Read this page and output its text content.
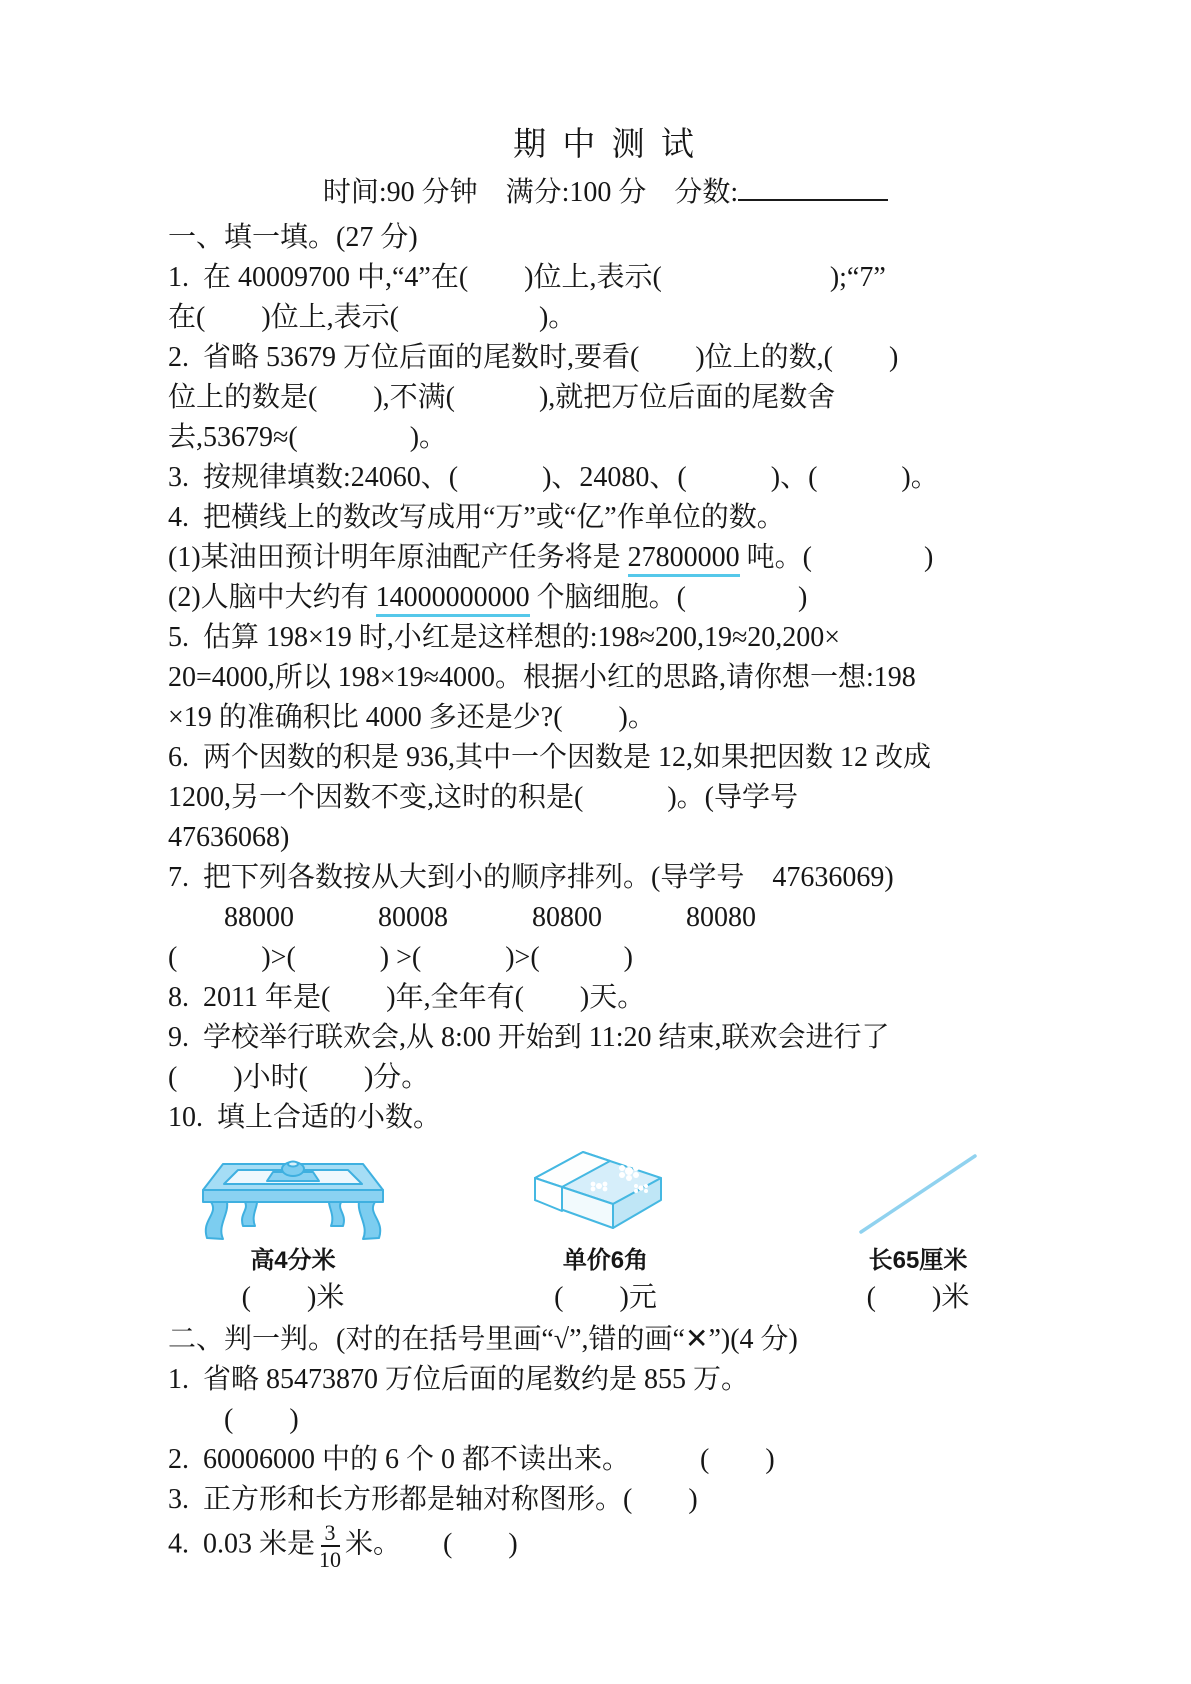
期 中 测 试
时间:90 分钟　满分:100 分　分数:
一、填一填。(27 分)
1.  在 40009700 中,“4”在(　　)位上,表示(　　　　　　);“7”
在(　　)位上,表示(　　　　　)。
2.  省略 53679 万位后面的尾数时,要看(　　)位上的数,(　　)
位上的数是(　　),不满(　　　),就把万位后面的尾数舍
去,53679≈(　　　　)。
3.  按规律填数:24060、(　　　)、24080、(　　　)、(　　　)。
4.  把横线上的数改写成用“万”或“亿”作单位的数。
(1)某油田预计明年原油配产任务将是 27800000 吨。(　　　　)
(2)人脑中大约有 14000000000 个脑细胞。(　　　　)
5.  估算 198×19 时,小红是这样想的:198≈200,19≈20,200×
20=4000,所以 198×19≈4000。根据小红的思路,请你想一想:198
×19 的准确积比 4000 多还是少?(　　)。
6.  两个因数的积是 936,其中一个因数是 12,如果把因数 12 改成
1200,另一个因数不变,这时的积是(　　　)。(导学号
47636068)
7.  把下列各数按从大到小的顺序排列。(导学号　47636069)
88000　　　80008　　　80800　　　80080
(　　　)>(　　　) >(　　　)>(　　　)
8.  2011 年是(　　)年,全年有(　　)天。
9.  学校举行联欢会,从 8:00 开始到 11:20 结束,联欢会进行了
(　　)小时(　　)分。
10.  填上合适的小数。
高4分米
(　　)米
单价6角
(　　)元
长65厘米
(　　)米
二、判一判。(对的在括号里画“√”,错的画“✕”)(4 分)
1.  省略 85473870 万位后面的尾数约是 855 万。
(　　)
2.  60006000 中的 6 个 0 都不读出来。　　　(　　)
3.  正方形和长方形都是轴对称图形。(　　)
4.  0.03 米是 $\frac{3}{10}$ 米。　　(　　)
